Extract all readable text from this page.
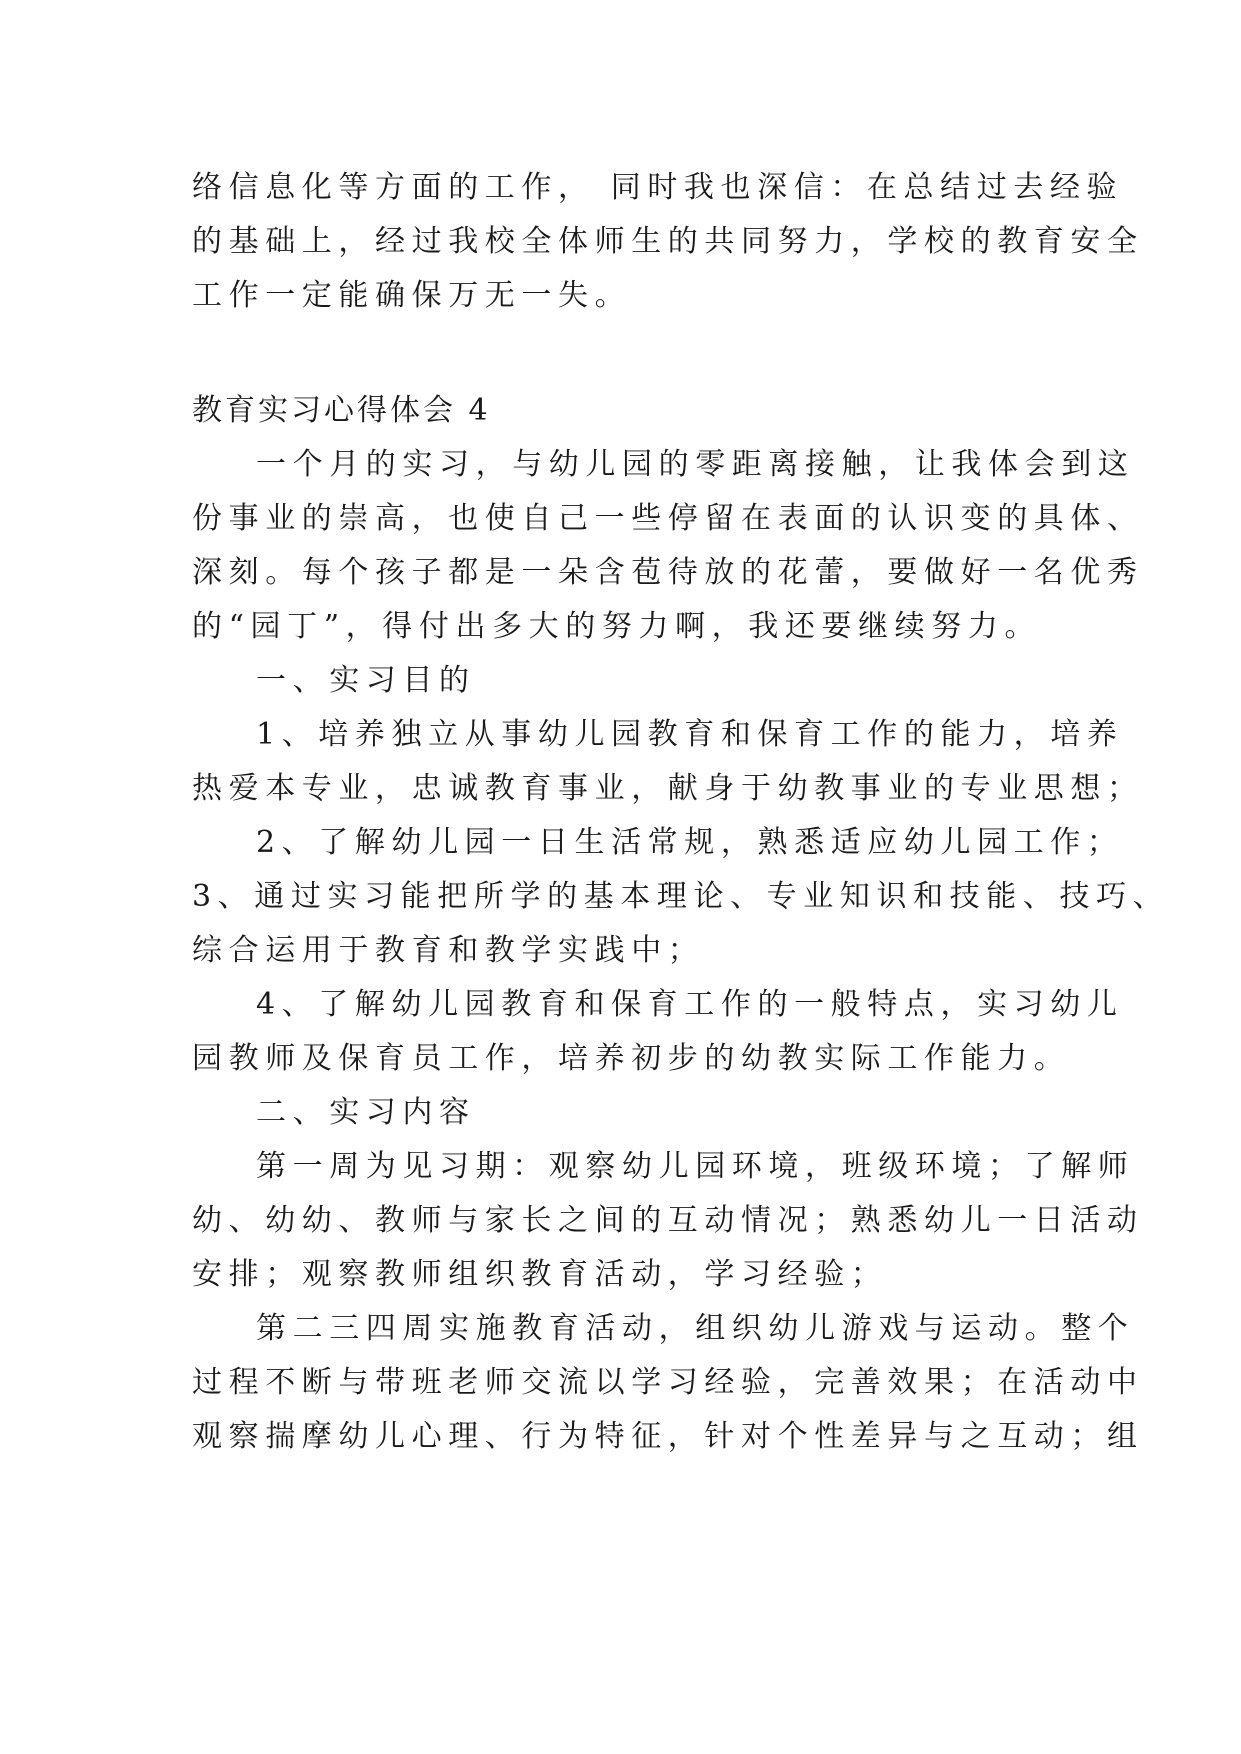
络信息化等方面的工作， 同时我也深信：在总结过去经验
的基础上，经过我校全体师生的共同努力，学校的教育安全
工作一定能确保万无一失。
教育实习心得体会 4
一个月的实习，与幼儿园的零距离接触，让我体会到这
份事业的崇高，也使自己一些停留在表面的认识变的具体、
深刻。每个孩子都是一朵含苞待放的花蕾，要做好一名优秀
的“园丁”，得付出多大的努力啊，我还要继续努力。
一、实习目的
1、培养独立从事幼儿园教育和保育工作的能力，培养
热爱本专业，忠诚教育事业，献身于幼教事业的专业思想；
2、了解幼儿园一日生活常规，熟悉适应幼儿园工作；
3、通过实习能把所学的基本理论、专业知识和技能、技巧、
综合运用于教育和教学实践中；
4、了解幼儿园教育和保育工作的一般特点，实习幼儿
园教师及保育员工作，培养初步的幼教实际工作能力。
二、实习内容
第一周为见习期：观察幼儿园环境，班级环境；了解师
幼、幼幼、教师与家长之间的互动情况；熟悉幼儿一日活动
安排；观察教师组织教育活动，学习经验；
第二三四周实施教育活动，组织幼儿游戏与运动。整个
过程不断与带班老师交流以学习经验，完善效果；在活动中
观察揣摩幼儿心理、行为特征，针对个性差异与之互动；组
